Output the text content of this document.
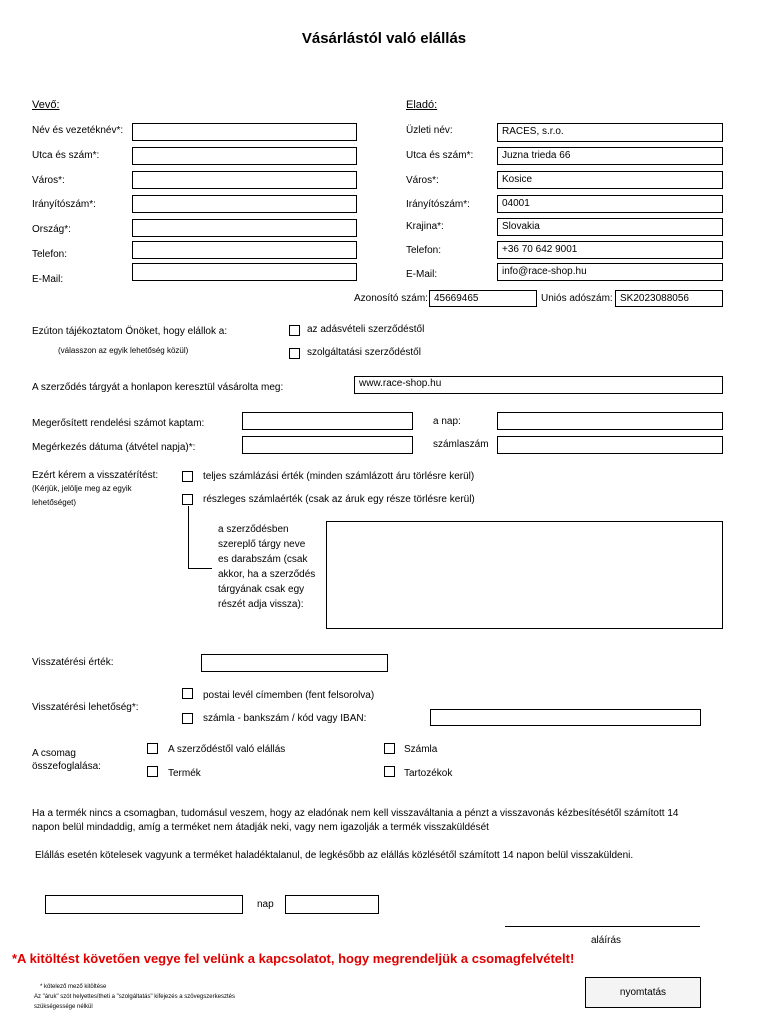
Vásárlástól való elállás
Vevő:
Név és vezetéknév*:
Utca és szám*:
Város*:
Irányítószám*:
Ország*:
Telefon:
E-Mail:
Eladó:
Üzleti név:	RACES, s.r.o.
Utca és szám*:	Juzna trieda 66
Város*:	Kosice
Irányítószám*:	04001
Krajina*:	Slovakia
Telefon:	+36 70 642 9001
E-Mail:	info@race-shop.hu
Azonosító szám: 45669465	Uniós adószám: SK2023088056
Ezúton tájékoztatom Önöket, hogy elállok a:
(válasszon az egyik lehetőség közül)
az adásvételi szerződéstől
szolgáltatási szerződéstől
A szerződés tárgyát a honlapon keresztül vásárolta meg:	www.race-shop.hu
Megerősített rendelési számot kaptam:	a nap:
Megérkezés dátuma (átvétel napja)*:	számlaszám
Ezért kérem a visszatérítést:
(Kérjük, jelölje meg az egyik
lehetőséget)
teljes számlázási érték (minden számlázott áru törlésre kerül)
részleges számlaérték (csak az áruk egy része törlésre kerül)
a szerződésben
szereplő tárgy neve
es darabszám (csak
akkor, ha a szerződés
tárgyának csak egy
részét adja vissza):
Visszatérési érték:
Visszatérési lehetőség*:
postai levél címemben (fent felsorolva)
számla - bankszám / kód vagy IBAN:
A csomag
összefoglalása:
A szerződéstől való elállás
Termék
Számla
Tartozékok
Ha a termék nincs a csomagban, tudomásul veszem, hogy az eladónak nem kell visszaváltania a pénzt a visszavonás kézbesítésétől számított 14 napon belül mindaddig, amíg a terméket nem átadják neki, vagy nem igazolják a termék visszaküldését
Elállás esetén kötelesek vagyunk a terméket haladéktalanul, de legkésőbb az elállás közlésétől számított 14 napon belül visszaküldeni.
nap
aláírás
*A kitöltést követően vegye fel velünk a kapcsolatot, hogy megrendeljük a csomagfelvételt!
* kötelező mező kitöltése
Az "áruk" szót helyettesítheti a "szolgáltatás" kifejezés a szövegszerkesztés
szükségessége nélkül
nyomtatás
